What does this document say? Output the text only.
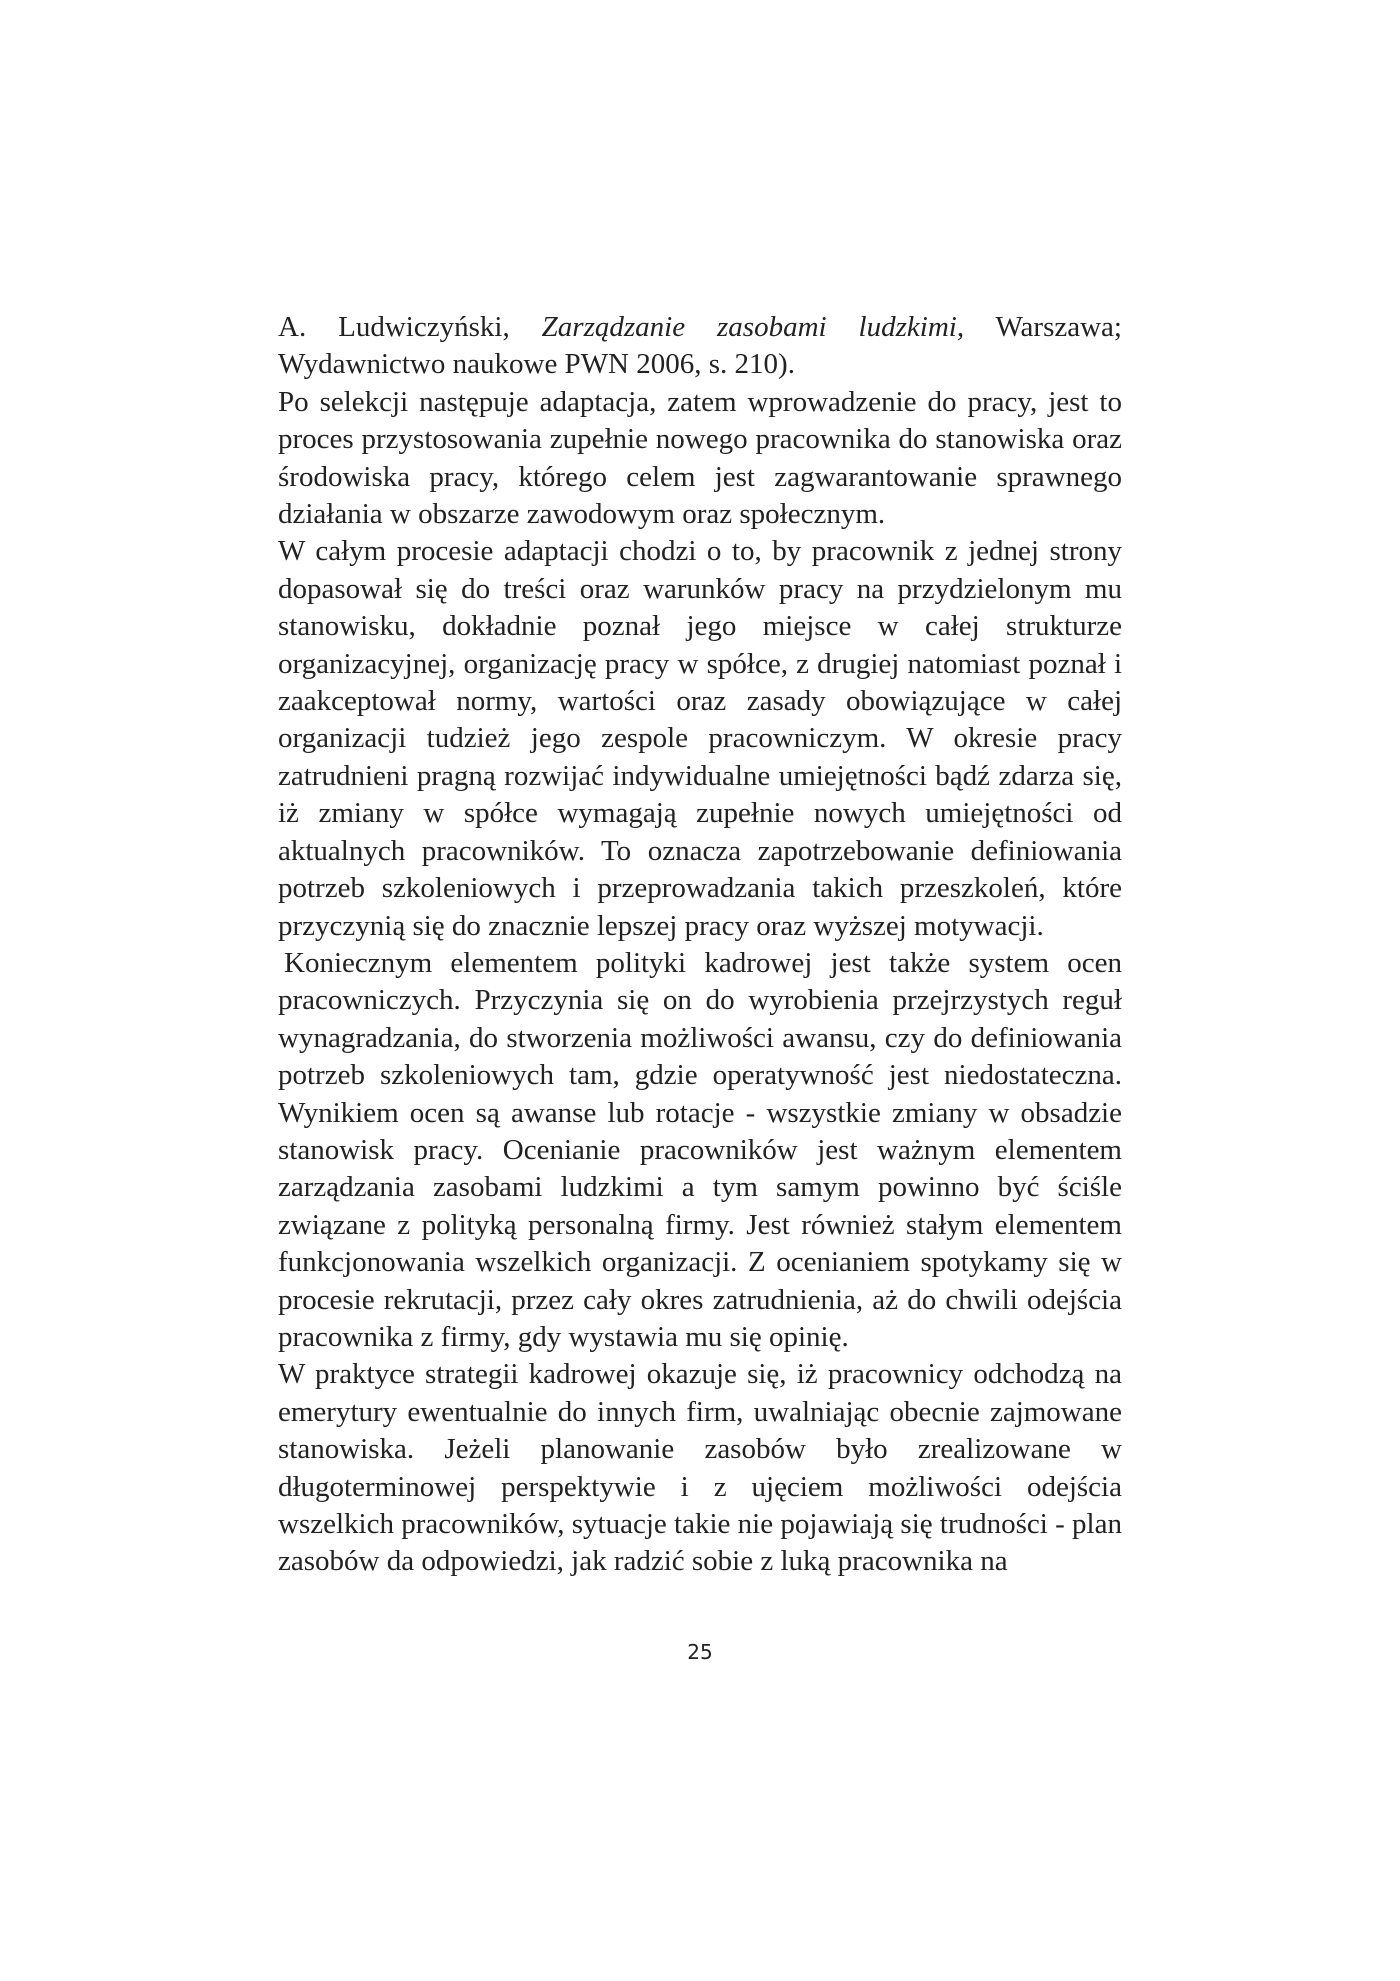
A. Ludwiczyński, Zarządzanie zasobami ludzkimi, Warszawa; Wydawnictwo naukowe PWN 2006, s. 210).

Po selekcji następuje adaptacja, zatem wprowadzenie do pracy, jest to proces przystosowania zupełnie nowego pracownika do stanowiska oraz środowiska pracy, którego celem jest zagwarantowanie sprawnego działania w obszarze zawodowym oraz społecznym.

W całym procesie adaptacji chodzi o to, by pracownik z jednej strony dopasował się do treści oraz warunków pracy na przydzielonym mu stanowisku, dokładnie poznał jego miejsce w całej strukturze organizacyjnej, organizację pracy w spółce, z drugiej natomiast poznał i zaakceptował normy, wartości oraz zasady obowiązujące w całej organizacji tudzież jego zespole pracowniczym. W okresie pracy zatrudnieni pragną rozwijać indywidualne umiejętności bądź zdarza się, iż zmiany w spółce wymagają zupełnie nowych umiejętności od aktualnych pracowników. To oznacza zapotrzebowanie definiowania potrzeb szkoleniowych i przeprowadzania takich przeszkoleń, które przyczynią się do znacznie lepszej pracy oraz wyższej motywacji.

Koniecznym elementem polityki kadrowej jest także system ocen pracowniczych. Przyczynia się on do wyrobienia przejrzystych reguł wynagradzania, do stworzenia możliwości awansu, czy do definiowania potrzeb szkoleniowych tam, gdzie operatywność jest niedostateczna. Wynikiem ocen są awanse lub rotacje - wszystkie zmiany w obsadzie stanowisk pracy. Ocenianie pracowników jest ważnym elementem zarządzania zasobami ludzkimi a tym samym powinno być ściśle związane z polityką personalną firmy. Jest również stałym elementem funkcjonowania wszelkich organizacji. Z ocenianiem spotykamy się w procesie rekrutacji, przez cały okres zatrudnienia, aż do chwili odejścia pracownika z firmy, gdy wystawia mu się opinię.

W praktyce strategii kadrowej okazuje się, iż pracownicy odchodzą na emerytury ewentualnie do innych firm, uwalniając obecnie zajmowane stanowiska. Jeżeli planowanie zasobów było zrealizowane w długoterminowej perspektywie i z ujęciem możliwości odejścia wszelkich pracowników, sytuacje takie nie pojawiają się trudności - plan zasobów da odpowiedzi, jak radzić sobie z luką pracownika na

25
